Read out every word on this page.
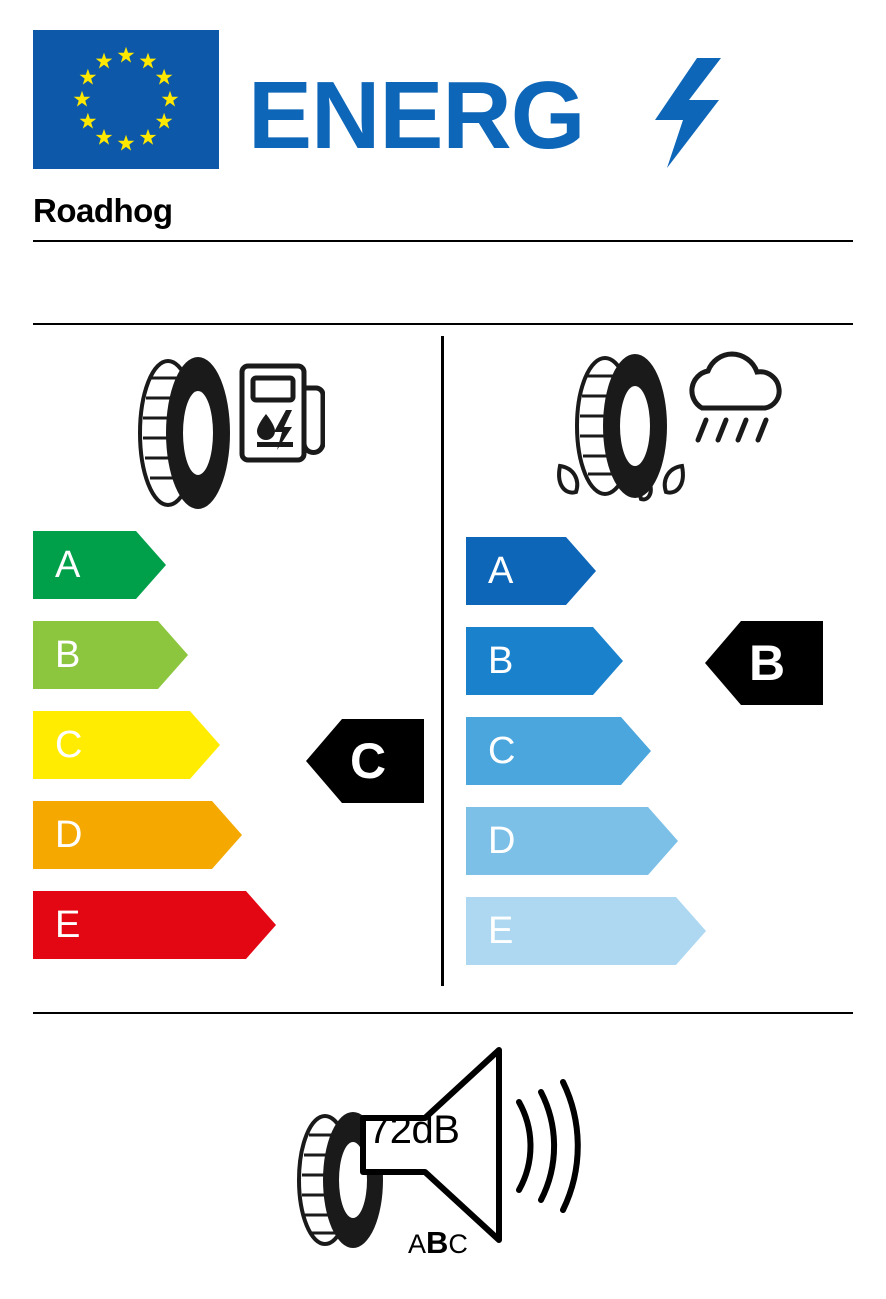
ENERG
Roadhog
A
B
C
D
E
C
A
B
C
D
E
B
72dB
ABC
